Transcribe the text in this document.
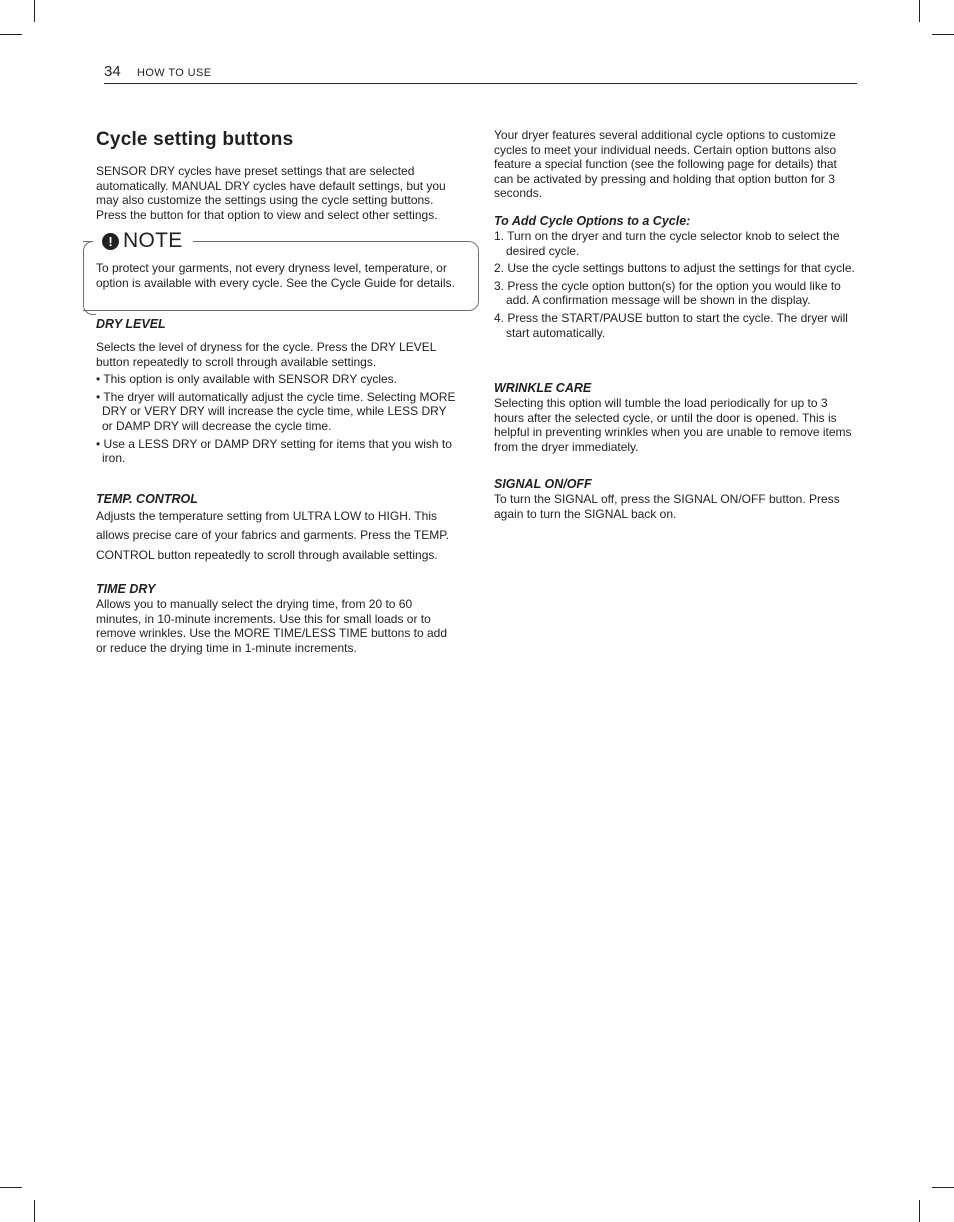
34 HOW TO USE
Cycle setting buttons

SENSOR DRY cycles have preset settings that are selected automatically. MANUAL DRY cycles have default settings, but you may also customize the settings using the cycle setting buttons. Press the button for that option to view and select other settings.

! NOTE

To protect your garments, not every dryness level, temperature, or option is available with every cycle. See the Cycle Guide for details.

DRY LEVEL

Selects the level of dryness for the cycle. Press the DRY LEVEL button repeatedly to scroll through available settings.

• This option is only available with SENSOR DRY cycles.

• The dryer will automatically adjust the cycle time. Selecting MORE DRY or VERY DRY will increase the cycle time, while LESS DRY or DAMP DRY will decrease the cycle time.

• Use a LESS DRY or DAMP DRY setting for items that you wish to iron.

TEMP. CONTROL

Adjusts the temperature setting from ULTRA LOW to HIGH. This allows precise care of your fabrics and garments. Press the TEMP. CONTROL button repeatedly to scroll through available settings.

TIME DRY

Allows you to manually select the drying time, from 20 to 60 minutes, in 10-minute increments. Use this for small loads or to remove wrinkles. Use the MORE TIME/LESS TIME buttons to add or reduce the drying time in 1-minute increments.

Your dryer features several additional cycle options to customize cycles to meet your individual needs. Certain option buttons also feature a special function (see the following page for details) that can be activated by pressing and holding that option button for 3 seconds.

To Add Cycle Options to a Cycle:

1. Turn on the dryer and turn the cycle selector knob to select the desired cycle.

2. Use the cycle settings buttons to adjust the settings for that cycle.

3. Press the cycle option button(s) for the option you would like to add. A confirmation message will be shown in the display.

4. Press the START/PAUSE button to start the cycle. The dryer will start automatically.

WRINKLE CARE

Selecting this option will tumble the load periodically for up to 3 hours after the selected cycle, or until the door is opened. This is helpful in preventing wrinkles when you are unable to remove items from the dryer immediately.

SIGNAL ON/OFF

To turn the SIGNAL off, press the SIGNAL ON/OFF button. Press again to turn the SIGNAL back on.
